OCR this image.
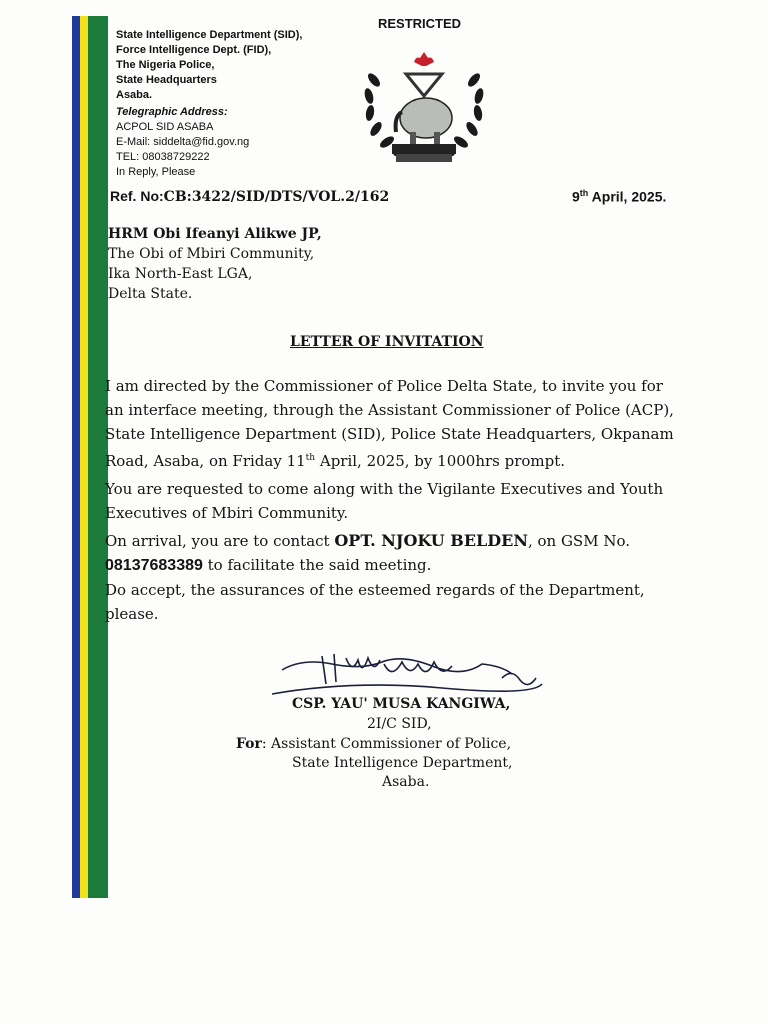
State Intelligence Department (SID),
Force Intelligence Dept. (FID),
The Nigeria Police,
State Headquarters
Asaba.
Telegraphic Address:
ACPOL SID ASABA
E-Mail: siddelta@fid.gov.ng
TEL: 08038729222
In Reply, Please
RESTRICTED
Ref. No:CB:3422/SID/DTS/VOL.2/162	9th April, 2025.
HRM Obi Ifeanyi Alikwe JP,
The Obi of Mbiri Community,
Ika North-East LGA,
Delta State.
LETTER OF INVITATION
I am directed by the Commissioner of Police Delta State, to invite you for
an interface meeting, through the Assistant Commissioner of Police (ACP),
State Intelligence Department (SID), Police State Headquarters, Okpanam
Road, Asaba, on Friday 11th April, 2025, by 1000hrs prompt.
You are requested to come along with the Vigilante Executives and Youth
Executives of Mbiri Community.
On arrival, you are to contact OPT. NJOKU BELDEN, on GSM No.
08137683389 to facilitate the said meeting.
Do accept, the assurances of the esteemed regards of the Department,
please.
CSP. YAU' MUSA KANGIWA,
2I/C SID,
For: Assistant Commissioner of Police,
State Intelligence Department,
Asaba.
